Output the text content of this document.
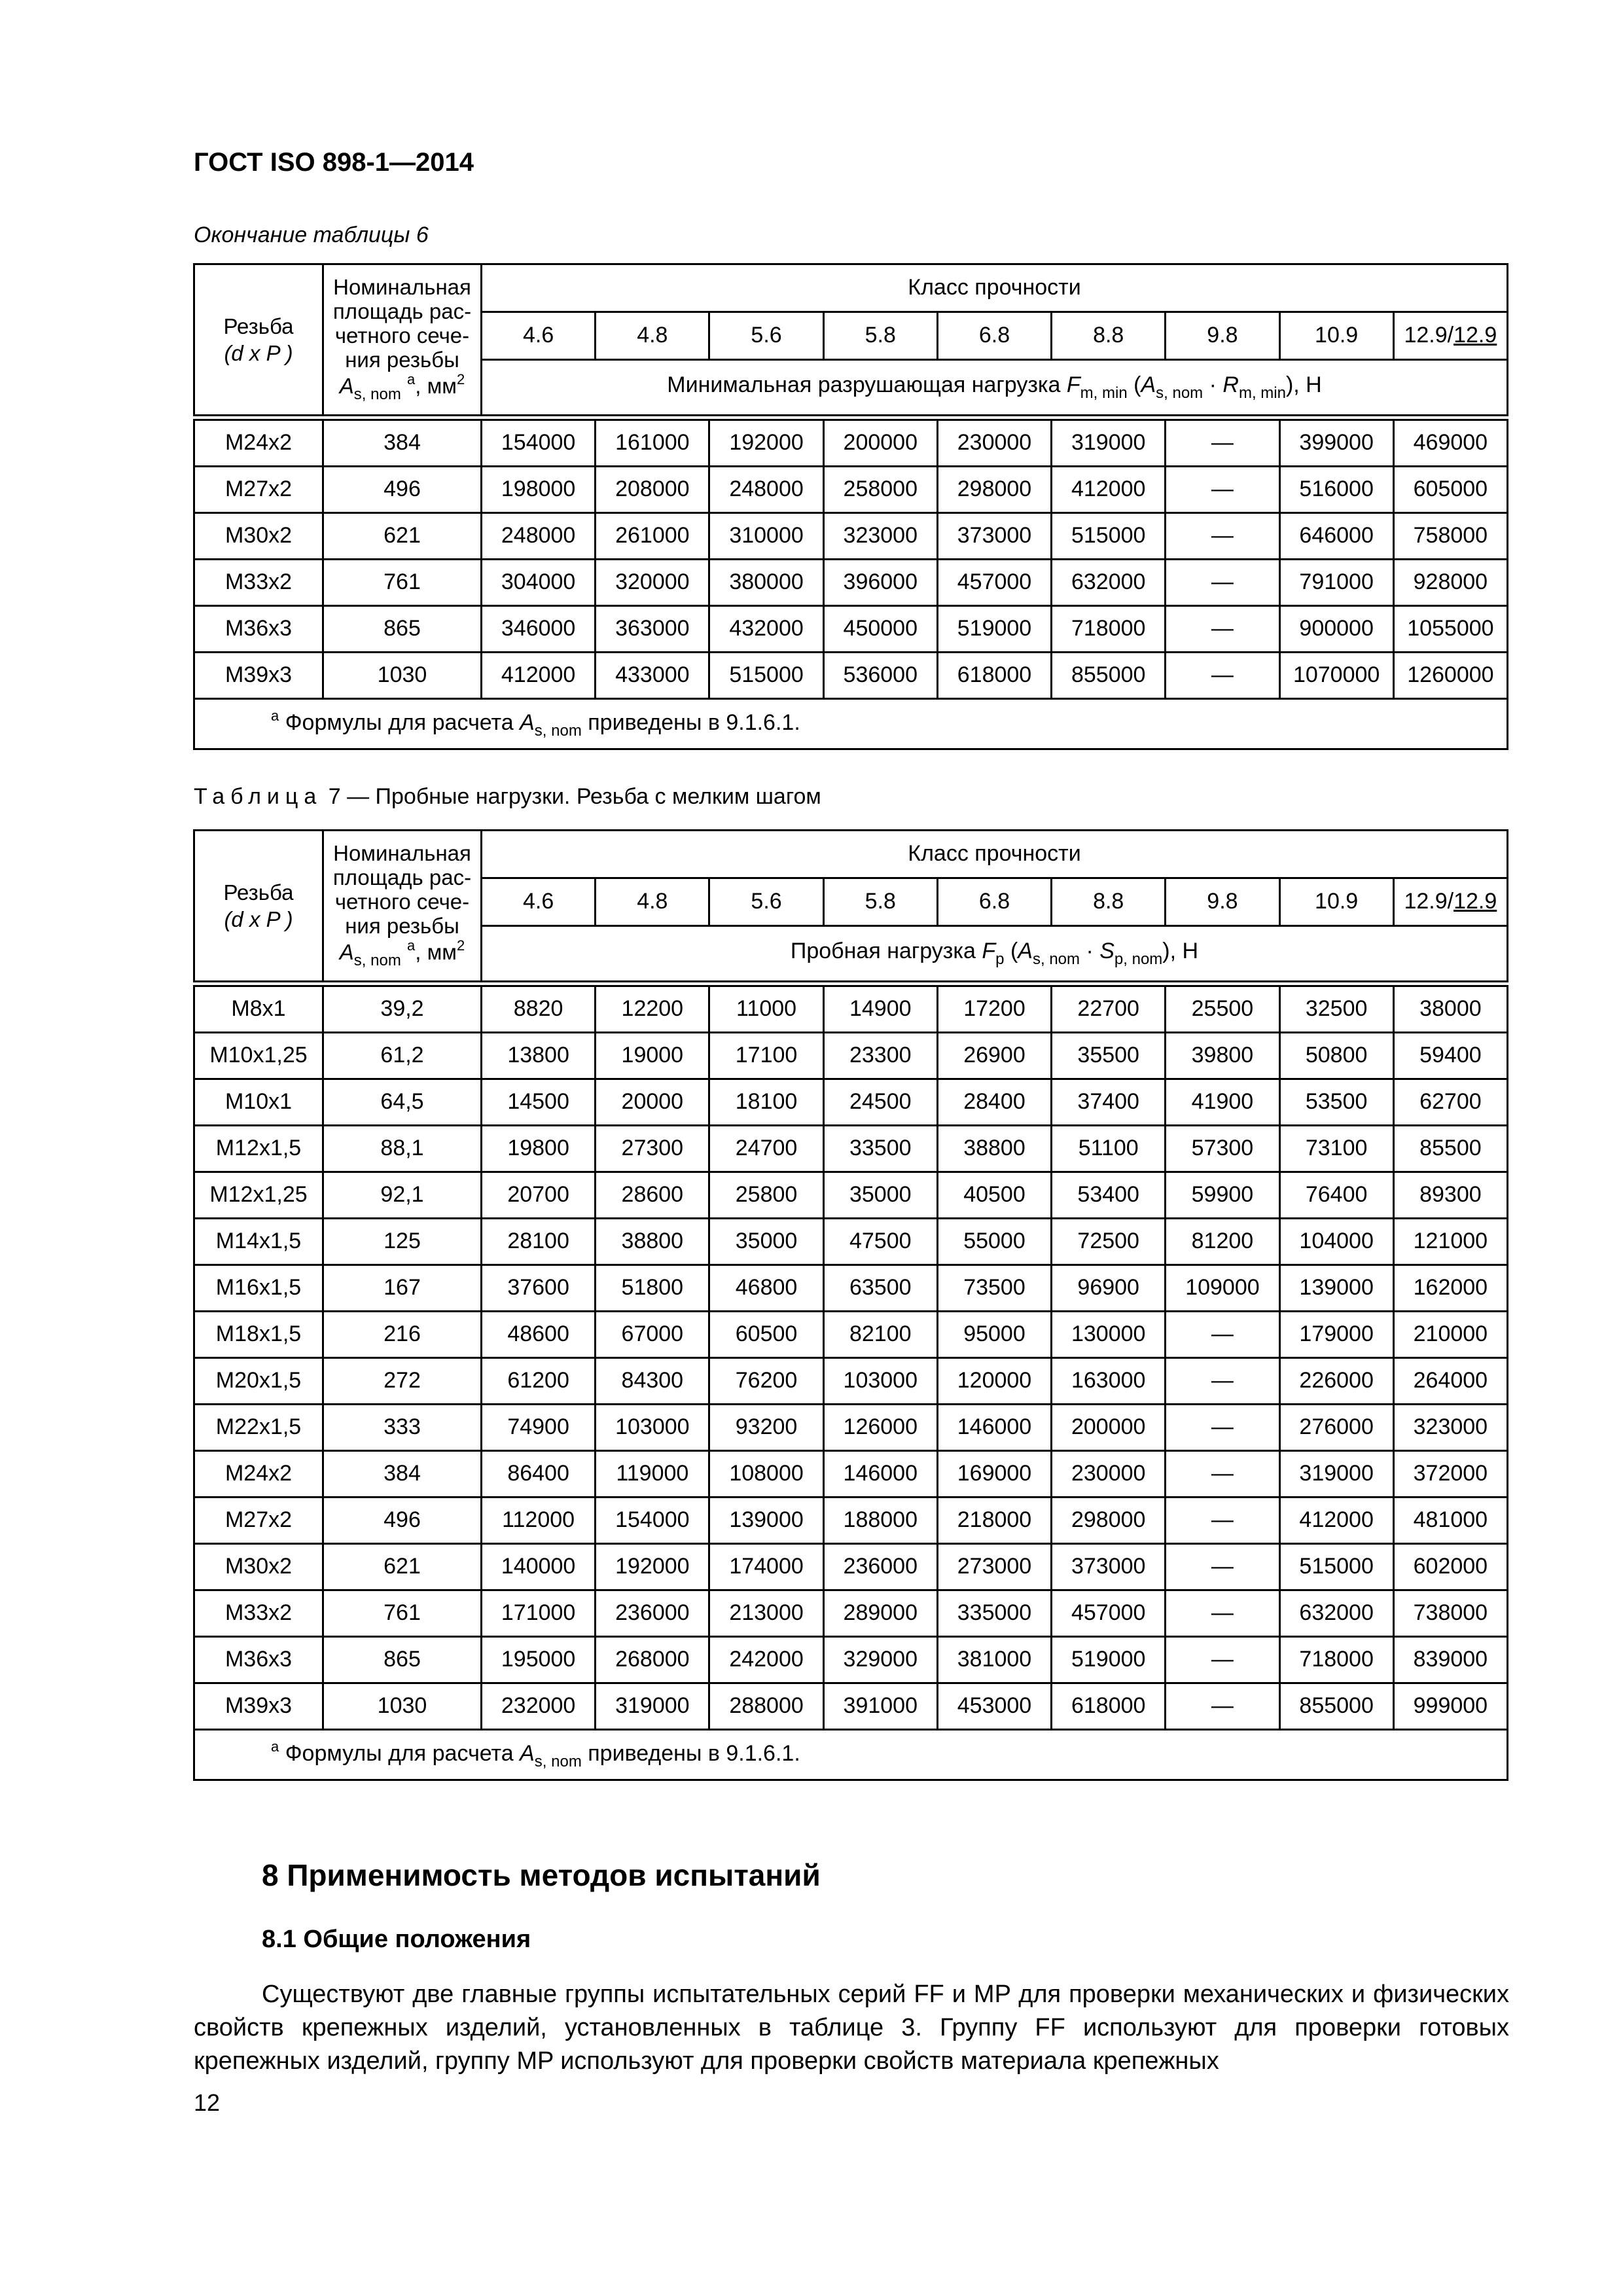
ГОСТ ISO 898-1—2014
Окончание таблицы 6
Резьба
(d x P )	Номинальная
площадь рас-
четного сече-
ния резьбы
$A_{s, nom}$ $^a$, $мм^2$	Класс прочности								
		4.6	4.8	5.6	5.8	6.8	8.8	9.8	10.9	12.9/12.9
		Минимальная разрушающая нагрузка $F_{m, min}$ $(A_{s, nom} \cdot R_{m, min})$, Н								
M24x2	384	154000	161000	192000	200000	230000	319000	—	399000	469000
M27x2	496	198000	208000	248000	258000	298000	412000	—	516000	605000
M30x2	621	248000	261000	310000	323000	373000	515000	—	646000	758000
M33x2	761	304000	320000	380000	396000	457000	632000	—	791000	928000
M36x3	865	346000	363000	432000	450000	519000	718000	—	900000	1055000
M39x3	1030	412000	433000	515000	536000	618000	855000	—	1070000	1260000
$^a$ Формулы для расчета $A_{s, nom}$ приведены в 9.1.6.1.										
Таблица 7 — Пробные нагрузки. Резьба с мелким шагом
Резьба
(d x P )	Номинальная
площадь рас-
четного сече-
ния резьбы
$A_{s, nom}$ $^a$, $мм^2$	Класс прочности								
		4.6	4.8	5.6	5.8	6.8	8.8	9.8	10.9	12.9/12.9
		Пробная нагрузка $F_p$ $(A_{s, nom} \cdot S_{p, nom})$, Н								
M8x1	39,2	8820	12200	11000	14900	17200	22700	25500	32500	38000
M10x1,25	61,2	13800	19000	17100	23300	26900	35500	39800	50800	59400
M10x1	64,5	14500	20000	18100	24500	28400	37400	41900	53500	62700
M12x1,5	88,1	19800	27300	24700	33500	38800	51100	57300	73100	85500
M12x1,25	92,1	20700	28600	25800	35000	40500	53400	59900	76400	89300
M14x1,5	125	28100	38800	35000	47500	55000	72500	81200	104000	121000
M16x1,5	167	37600	51800	46800	63500	73500	96900	109000	139000	162000
M18x1,5	216	48600	67000	60500	82100	95000	130000	—	179000	210000
M20x1,5	272	61200	84300	76200	103000	120000	163000	—	226000	264000
M22x1,5	333	74900	103000	93200	126000	146000	200000	—	276000	323000
M24x2	384	86400	119000	108000	146000	169000	230000	—	319000	372000
M27x2	496	112000	154000	139000	188000	218000	298000	—	412000	481000
M30x2	621	140000	192000	174000	236000	273000	373000	—	515000	602000
M33x2	761	171000	236000	213000	289000	335000	457000	—	632000	738000
M36x3	865	195000	268000	242000	329000	381000	519000	—	718000	839000
M39x3	1030	232000	319000	288000	391000	453000	618000	—	855000	999000
$^a$ Формулы для расчета $A_{s, nom}$ приведены в 9.1.6.1.										
8 Применимость методов испытаний
8.1 Общие положения
Существуют две главные группы испытательных серий FF и MP для проверки механических и физических свойств крепежных изделий, установленных в таблице 3. Группу FF используют для проверки готовых крепежных изделий, группу MP используют для проверки свойств материала крепежных
12
